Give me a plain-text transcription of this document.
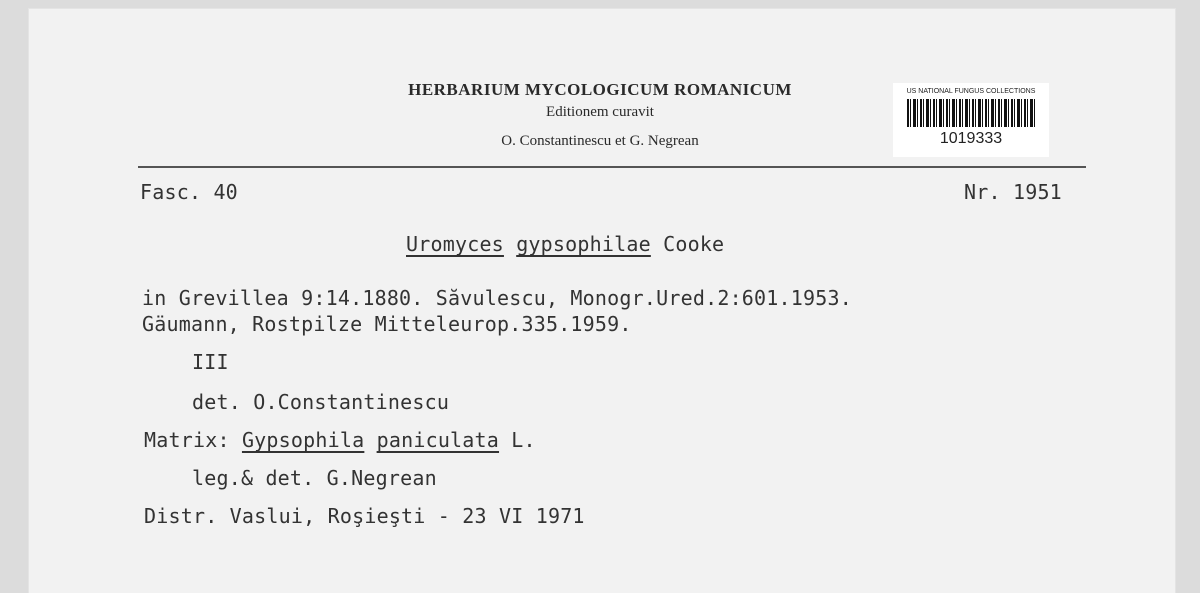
HERBARIUM MYCOLOGICUM ROMANICUM
Editionem curavit
O. Constantinescu et G. Negrean
US NATIONAL FUNGUS COLLECTIONS
1019333
Fasc. 40	Nr. 1951
Uromyces gypsophilae Cooke
in Grevillea 9:14.1880. Săvulescu, Monogr.Ured.2:601.1953.
Gäumann, Rostpilze Mitteleurop.335.1959.
III
det. O.Constantinescu
Matrix: Gypsophila paniculata L.
leg.& det. G.Negrean
Distr. Vaslui, Roşieşti - 23 VI 1971
